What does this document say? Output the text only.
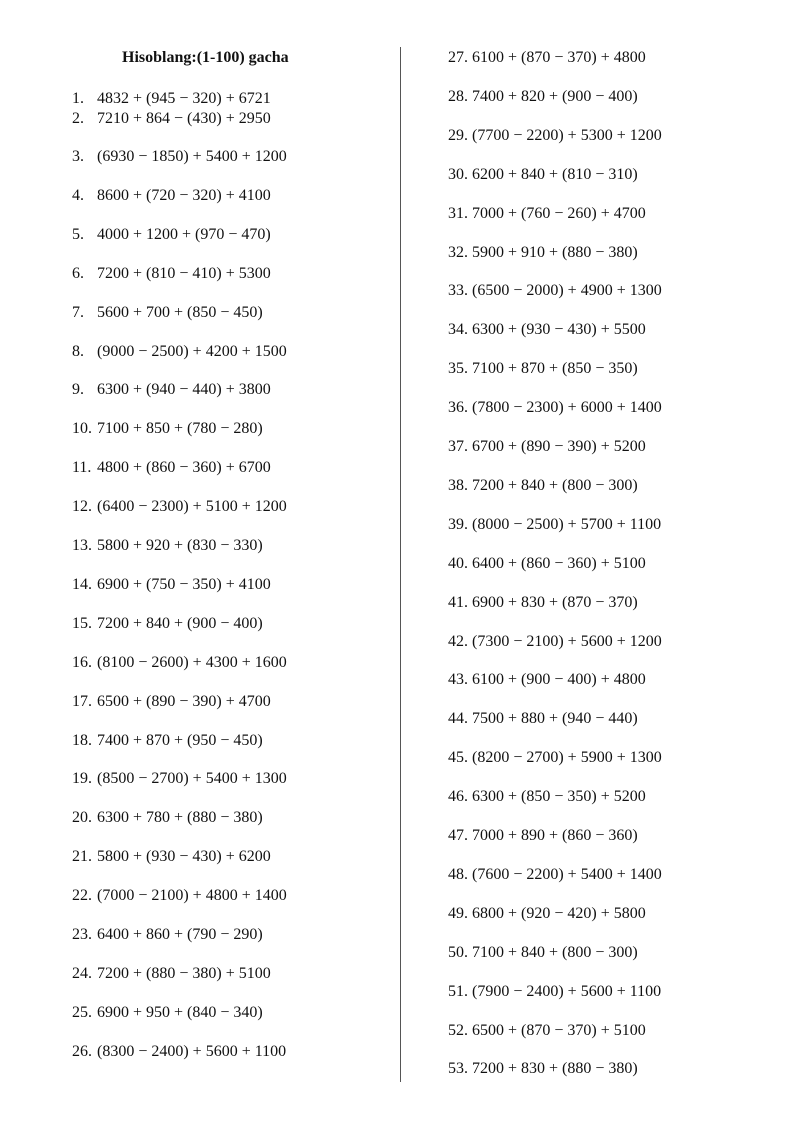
Hisoblang:(1-100) gacha
1. 4832 + (945 − 320) + 6721
2. 7210 + 864 − (430) + 2950
3. (6930 − 1850) + 5400 + 1200
4. 8600 + (720 − 320) + 4100
5. 4000 + 1200 + (970 − 470)
6. 7200 + (810 − 410) + 5300
7. 5600 + 700 + (850 − 450)
8. (9000 − 2500) + 4200 + 1500
9. 6300 + (940 − 440) + 3800
10. 7100 + 850 + (780 − 280)
11. 4800 + (860 − 360) + 6700
12. (6400 − 2300) + 5100 + 1200
13. 5800 + 920 + (830 − 330)
14. 6900 + (750 − 350) + 4100
15. 7200 + 840 + (900 − 400)
16. (8100 − 2600) + 4300 + 1600
17. 6500 + (890 − 390) + 4700
18. 7400 + 870 + (950 − 450)
19. (8500 − 2700) + 5400 + 1300
20. 6300 + 780 + (880 − 380)
21. 5800 + (930 − 430) + 6200
22. (7000 − 2100) + 4800 + 1400
23. 6400 + 860 + (790 − 290)
24. 7200 + (880 − 380) + 5100
25. 6900 + 950 + (840 − 340)
26. (8300 − 2400) + 5600 + 1100
27. 6100 + (870 − 370) + 4800
28. 7400 + 820 + (900 − 400)
29. (7700 − 2200) + 5300 + 1200
30. 6200 + 840 + (810 − 310)
31. 7000 + (760 − 260) + 4700
32. 5900 + 910 + (880 − 380)
33. (6500 − 2000) + 4900 + 1300
34. 6300 + (930 − 430) + 5500
35. 7100 + 870 + (850 − 350)
36. (7800 − 2300) + 6000 + 1400
37. 6700 + (890 − 390) + 5200
38. 7200 + 840 + (800 − 300)
39. (8000 − 2500) + 5700 + 1100
40. 6400 + (860 − 360) + 5100
41. 6900 + 830 + (870 − 370)
42. (7300 − 2100) + 5600 + 1200
43. 6100 + (900 − 400) + 4800
44. 7500 + 880 + (940 − 440)
45. (8200 − 2700) + 5900 + 1300
46. 6300 + (850 − 350) + 5200
47. 7000 + 890 + (860 − 360)
48. (7600 − 2200) + 5400 + 1400
49. 6800 + (920 − 420) + 5800
50. 7100 + 840 + (800 − 300)
51. (7900 − 2400) + 5600 + 1100
52. 6500 + (870 − 370) + 5100
53. 7200 + 830 + (880 − 380)
